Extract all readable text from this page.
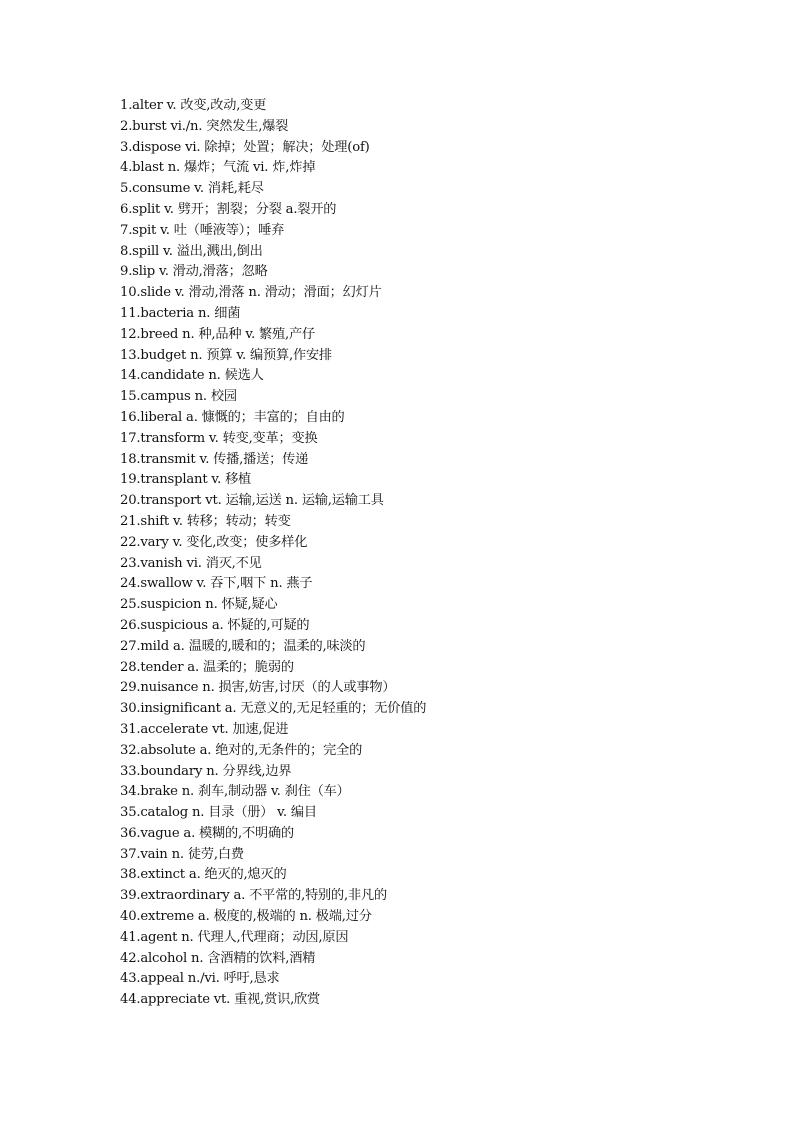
1.alter v. 改变,改动,变更
2.burst vi./n. 突然发生,爆裂
3.dispose vi. 除掉；处置；解决；处理(of)
4.blast n. 爆炸；气流 vi. 炸,炸掉
5.consume v. 消耗,耗尽
6.split v. 劈开；割裂；分裂 a.裂开的
7.spit v. 吐（唾液等）；唾弃
8.spill v. 溢出,溅出,倒出
9.slip v. 滑动,滑落；忽略
10.slide v. 滑动,滑落 n. 滑动；滑面；幻灯片
11.bacteria n. 细菌
12.breed n. 种,品种 v. 繁殖,产仔
13.budget n. 预算 v. 编预算,作安排
14.candidate n. 候选人
15.campus n. 校园
16.liberal a. 慷慨的；丰富的；自由的
17.transform v. 转变,变革；变换
18.transmit v. 传播,播送；传递
19.transplant v. 移植
20.transport vt. 运输,运送 n. 运输,运输工具
21.shift v. 转移；转动；转变
22.vary v. 变化,改变；使多样化
23.vanish vi. 消灭,不见
24.swallow v. 吞下,咽下 n. 燕子
25.suspicion n. 怀疑,疑心
26.suspicious a. 怀疑的,可疑的
27.mild a. 温暖的,暖和的；温柔的,味淡的
28.tender a. 温柔的；脆弱的
29.nuisance n. 损害,妨害,讨厌（的人或事物）
30.insignificant a. 无意义的,无足轻重的；无价值的
31.accelerate vt. 加速,促进
32.absolute a. 绝对的,无条件的；完全的
33.boundary n. 分界线,边界
34.brake n. 刹车,制动器 v. 刹住（车）
35.catalog n. 目录（册） v. 编目
36.vague a. 模糊的,不明确的
37.vain n. 徒劳,白费
38.extinct a. 绝灭的,熄灭的
39.extraordinary a. 不平常的,特别的,非凡的
40.extreme a. 极度的,极端的 n. 极端,过分
41.agent n. 代理人,代理商；动因,原因
42.alcohol n. 含酒精的饮料,酒精
43.appeal n./vi. 呼吁,恳求
44.appreciate vt. 重视,赏识,欣赏
